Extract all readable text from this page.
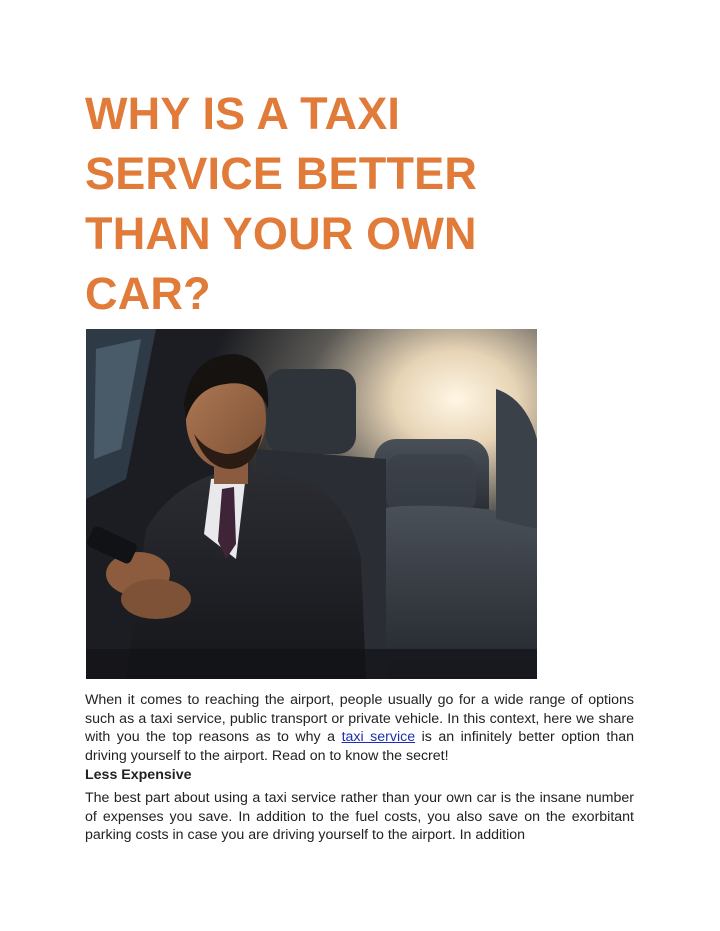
WHY IS A TAXI
SERVICE BETTER
THAN YOUR OWN
CAR?

When it comes to reaching the airport, people usually go for a wide range of options such as a taxi service, public transport or private vehicle. In this context, here we share with you the top reasons as to why a taxi service is an infinitely better option than driving yourself to the airport. Read on to know the secret!

Less Expensive

The best part about using a taxi service rather than your own car is the insane number of expenses you save. In addition to the fuel costs, you also save on the exorbitant parking costs in case you are driving yourself to the airport. In addition
